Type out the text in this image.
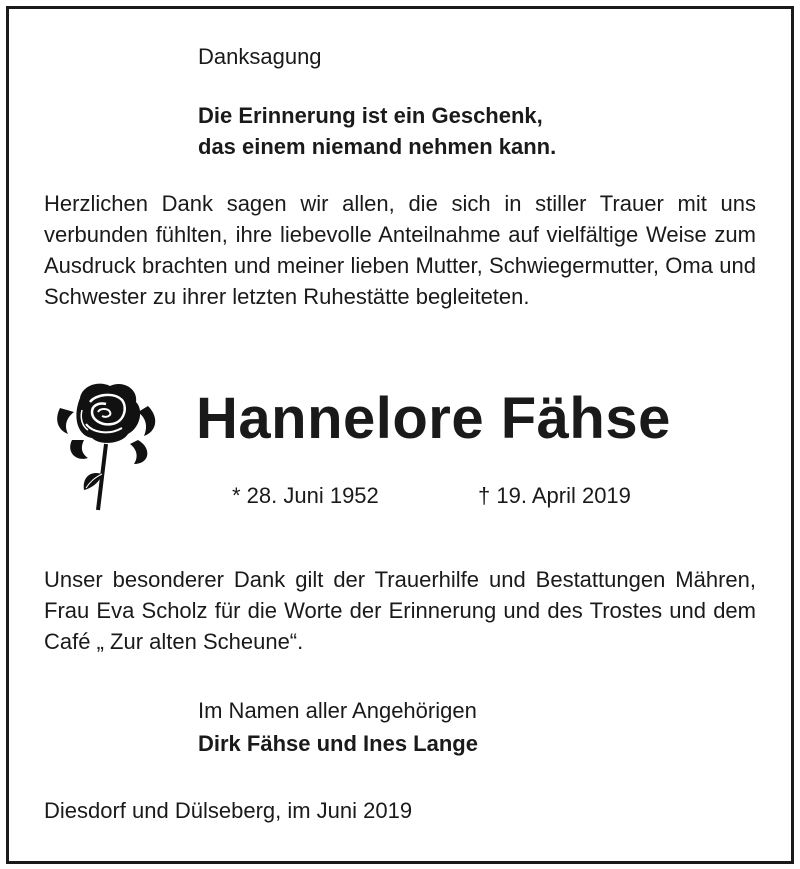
Danksagung
Die Erinnerung ist ein Geschenk,
das einem niemand nehmen kann.
Herzlichen Dank sagen wir allen, die sich in stiller Trauer mit uns verbunden fühlten, ihre liebevolle Anteilnahme auf vielfältige Weise zum Ausdruck brachten und meiner lieben Mutter, Schwiegermutter, Oma und Schwester zu ihrer letzten Ruhestätte begleiteten.
Hannelore Fähse
* 28. Juni 1952	† 19. April 2019
Unser besonderer Dank gilt der Trauerhilfe und Bestattungen Mähren, Frau Eva Scholz für die Worte der Erinnerung und des Trostes und dem Café „ Zur alten Scheune“.
Im Namen aller Angehörigen
Dirk Fähse und Ines Lange
Diesdorf und Dülseberg, im Juni 2019
